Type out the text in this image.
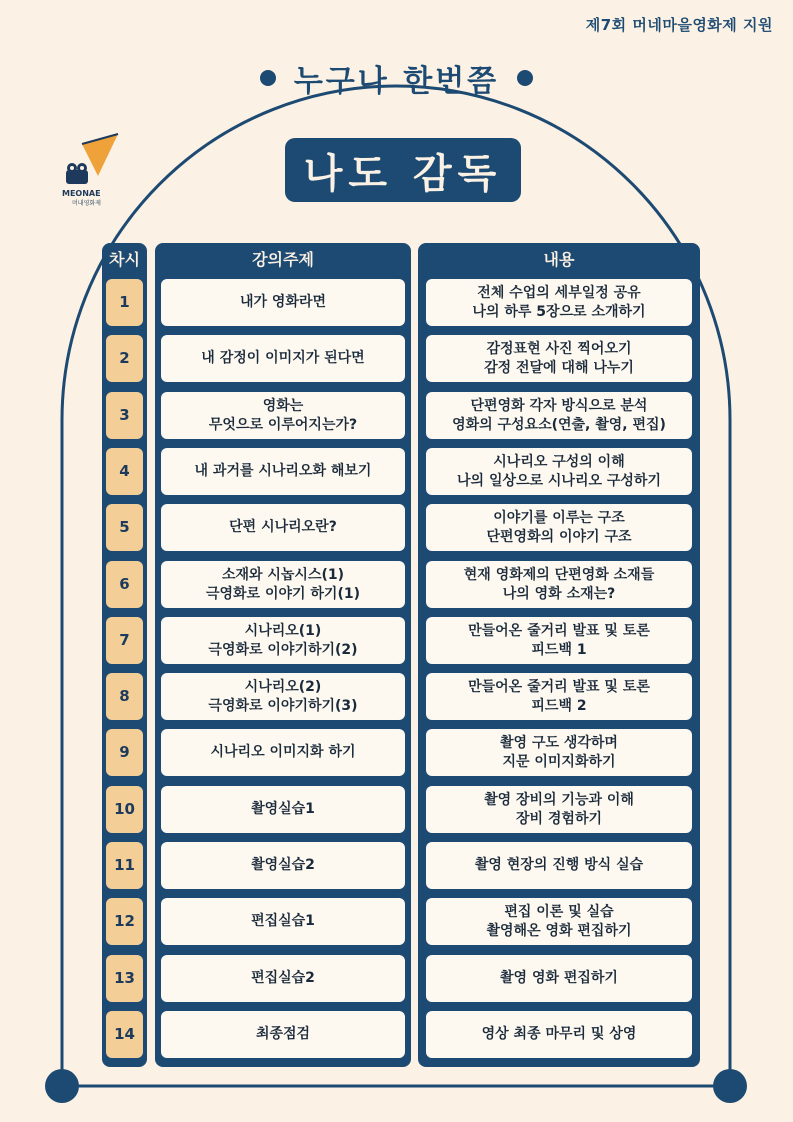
제7회 머네마을영화제 지원
누구나 한번쯤
나도 감독
MEONAE
머내영화제
차시
1
2
3
4
5
6
7
8
9
10
11
12
13
14
강의주제
내가 영화라면
내 감정이 이미지가 된다면
영화는
무엇으로 이루어지는가?
내 과거를 시나리오화 해보기
단편 시나리오란?
소재와 시놉시스(1)
극영화로 이야기 하기(1)
시나리오(1)
극영화로 이야기하기(2)
시나리오(2)
극영화로 이야기하기(3)
시나리오 이미지화 하기
촬영실습1
촬영실습2
편집실습1
편집실습2
최종점검
내용
전체 수업의 세부일정 공유
나의 하루 5장으로 소개하기
감정표현 사진 찍어오기
감정 전달에 대해 나누기
단편영화 각자 방식으로 분석
영화의 구성요소(연출, 촬영, 편집)
시나리오 구성의 이해
나의 일상으로 시나리오 구성하기
이야기를 이루는 구조
단편영화의 이야기 구조
현재 영화제의 단편영화 소재들
나의 영화 소재는?
만들어온 줄거리 발표 및 토론
피드백 1
만들어온 줄거리 발표 및 토론
피드백 2
촬영 구도 생각하며
지문 이미지화하기
촬영 장비의 기능과 이해
장비 경험하기
촬영 현장의 진행 방식 실습
편집 이론 및 실습
촬영해온 영화 편집하기
촬영 영화 편집하기
영상 최종 마무리 및 상영
